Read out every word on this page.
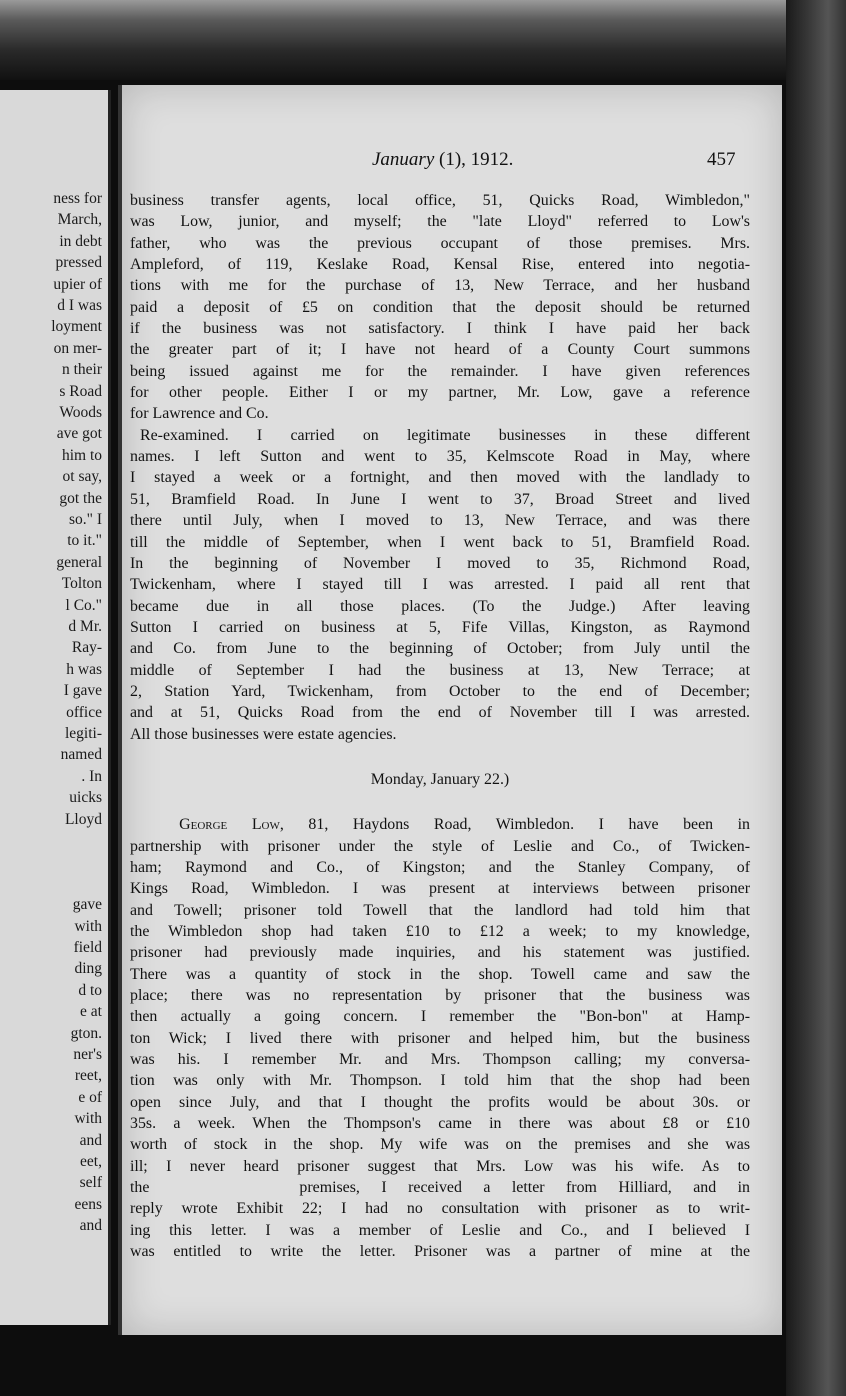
ness for
March,
in debt
pressed
upier of
d I was
loyment
on mer-
n their
s Road
Woods
ave got
him to
ot say,
got the
so." I
to it."
general
Tolton
l Co."
d Mr.
Ray-
h was
I gave
office
legiti-
named
. In
uicks
Lloyd
gave
with
field
ding
d to
e at
gton.
ner's
reet,
e of
with
and
eet,
self
eens
and
January (1), 1912.	457

business transfer agents, local office, 51, Quicks Road, Wimbledon,"

was Low, junior, and myself; the "late Lloyd" referred to Low's

father, who was the previous occupant of those premises. Mrs.

Ampleford, of 119, Keslake Road, Kensal Rise, entered into negotia-

tions with me for the purchase of 13, New Terrace, and her husband

paid a deposit of £5 on condition that the deposit should be returned

if the business was not satisfactory. I think I have paid her back

the greater part of it; I have not heard of a County Court summons

being issued against me for the remainder. I have given references

for other people. Either I or my partner, Mr. Low, gave a reference

for Lawrence and Co.

Re-examined. I carried on legitimate businesses in these different

names. I left Sutton and went to 35, Kelmscote Road in May, where

I stayed a week or a fortnight, and then moved with the landlady to

51, Bramfield Road. In June I went to 37, Broad Street and lived

there until July, when I moved to 13, New Terrace, and was there

till the middle of September, when I went back to 51, Bramfield Road.

In the beginning of November I moved to 35, Richmond Road,

Twickenham, where I stayed till I was arrested. I paid all rent that

became due in all those places. (To the Judge.) After leaving

Sutton I carried on business at 5, Fife Villas, Kingston, as Raymond

and Co. from June to the beginning of October; from July until the

middle of September I had the business at 13, New Terrace; at

2, Station Yard, Twickenham, from October to the end of December;

and at 51, Quicks Road from the end of November till I was arrested.

All those businesses were estate agencies.

Monday, January 22.)

George Low, 81, Haydons Road, Wimbledon. I have been in

partnership with prisoner under the style of Leslie and Co., of Twicken-

ham; Raymond and Co., of Kingston; and the Stanley Company, of

Kings Road, Wimbledon. I was present at interviews between prisoner

and Towell; prisoner told Towell that the landlord had told him that

the Wimbledon shop had taken £10 to £12 a week; to my knowledge,

prisoner had previously made inquiries, and his statement was justified.

There was a quantity of stock in the shop. Towell came and saw the

place; there was no representation by prisoner that the business was

then actually a going concern. I remember the "Bon-bon" at Hamp-

ton Wick; I lived there with prisoner and helped him, but the business

was his. I remember Mr. and Mrs. Thompson calling; my conversa-

tion was only with Mr. Thompson. I told him that the shop had been

open since July, and that I thought the profits would be about 30s. or

35s. a week. When the Thompson's came in there was about £8 or £10

worth of stock in the shop. My wife was on the premises and she was

ill; I never heard prisoner suggest that Mrs. Low was his wife. As to

the	premises, I received a letter from Hilliard, and in

reply wrote Exhibit 22; I had no consultation with prisoner as to writ-

ing this letter. I was a member of Leslie and Co., and I believed I

was entitled to write the letter. Prisoner was a partner of mine at the
